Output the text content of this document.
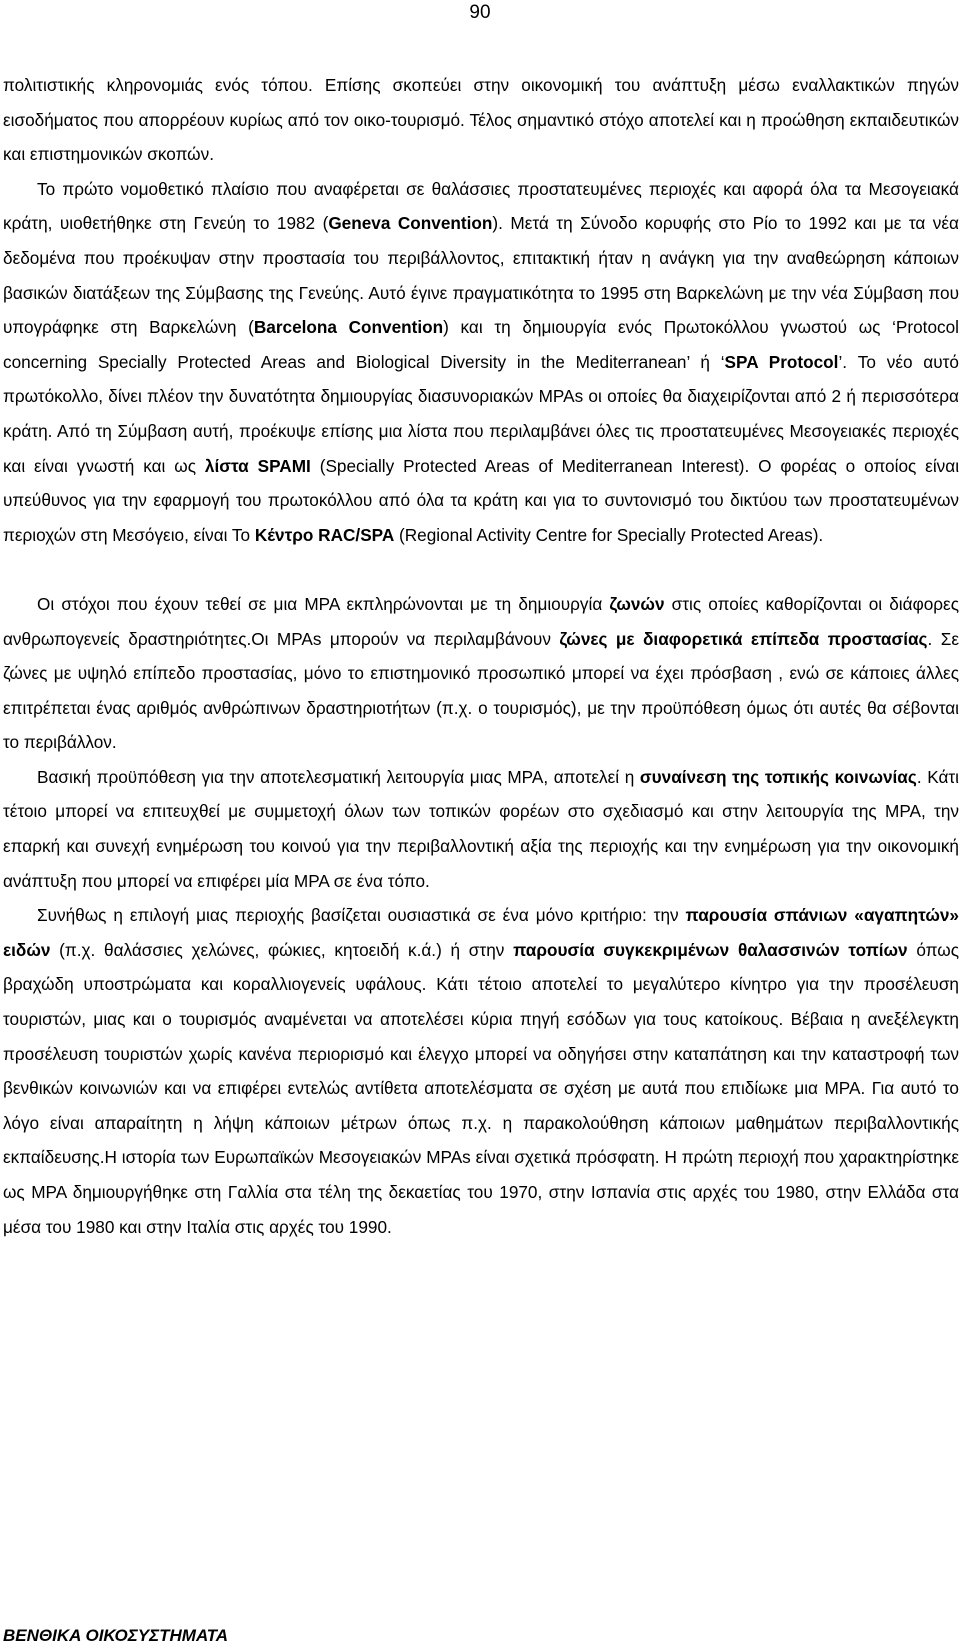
90

πολιτιστικής κληρονομιάς ενός τόπου. Επίσης σκοπεύει στην οικονομική του ανάπτυξη μέσω εναλλακτικών πηγών εισοδήματος που απορρέουν κυρίως από τον οικο-τουρισμό. Τέλος σημαντικό στόχο αποτελεί και η προώθηση εκπαιδευτικών και επιστημονικών σκοπών.

Το πρώτο νομοθετικό πλαίσιο που αναφέρεται σε θαλάσσιες προστατευμένες περιοχές και αφορά όλα τα Μεσογειακά κράτη, υιοθετήθηκε στη Γενεύη το 1982 (Geneva Convention). Μετά τη Σύνοδο κορυφής στο Ρίο το 1992 και με τα νέα δεδομένα που προέκυψαν στην προστασία του περιβάλλοντος, επιτακτική ήταν η ανάγκη για την αναθεώρηση κάποιων βασικών διατάξεων της Σύμβασης της Γενεύης. Αυτό έγινε πραγματικότητα το 1995 στη Βαρκελώνη με την νέα Σύμβαση που υπογράφηκε στη Βαρκελώνη (Barcelona Convention) και τη δημιουργία ενός Πρωτοκόλλου γνωστού ως ‘Protocol concerning Specially Protected Areas and Biological Diversity in the Mediterranean’ ή ‘SPA Protocol’. Το νέο αυτό πρωτόκολλο, δίνει πλέον την δυνατότητα δημιουργίας διασυνοριακών MPAs οι οποίες θα διαχειρίζονται από 2 ή περισσότερα κράτη. Από τη Σύμβαση αυτή, προέκυψε επίσης μια λίστα που περιλαμβάνει όλες τις προστατευμένες Μεσογειακές περιοχές και είναι γνωστή και ως λίστα SPAMI (Specially Protected Areas of Mediterranean Interest). Ο φορέας ο οποίος είναι υπεύθυνος για την εφαρμογή του πρωτοκόλλου από όλα τα κράτη και για το συντονισμό του δικτύου των προστατευμένων περιοχών στη Μεσόγειο, είναι Το Κέντρο RAC/SPA (Regional Activity Centre for Specially Protected Areas).

Οι στόχοι που έχουν τεθεί σε μια MPA εκπληρώνονται με τη δημιουργία ζωνών στις οποίες καθορίζονται οι διάφορες ανθρωπογενείς δραστηριότητες.Οι MPAs μπορούν να περιλαμβάνουν ζώνες με διαφορετικά επίπεδα προστασίας. Σε ζώνες με υψηλό επίπεδο προστασίας, μόνο το επιστημονικό προσωπικό μπορεί να έχει πρόσβαση , ενώ σε κάποιες άλλες επιτρέπεται ένας αριθμός ανθρώπινων δραστηριοτήτων (π.χ. ο τουρισμός), με την προϋπόθεση όμως ότι αυτές θα σέβονται το περιβάλλον.

Βασική προϋπόθεση για την αποτελεσματική λειτουργία μιας MPA, αποτελεί η συναίνεση της τοπικής κοινωνίας. Κάτι τέτοιο μπορεί να επιτευχθεί με συμμετοχή όλων των τοπικών φορέων στο σχεδιασμό και στην λειτουργία της MPA, την επαρκή και συνεχή ενημέρωση του κοινού για την περιβαλλοντική αξία της περιοχής και την ενημέρωση για την οικονομική ανάπτυξη που μπορεί να επιφέρει μία MPA σε ένα τόπο.

Συνήθως η επιλογή μιας περιοχής βασίζεται ουσιαστικά σε ένα μόνο κριτήριο: την παρουσία σπάνιων «αγαπητών» ειδών (π.χ. θαλάσσιες χελώνες, φώκιες, κητοειδή κ.ά.) ή στην παρουσία συγκεκριμένων θαλασσινών τοπίων όπως βραχώδη υποστρώματα και κοραλλιογενείς υφάλους. Κάτι τέτοιο αποτελεί το μεγαλύτερο κίνητρο για την προσέλευση τουριστών, μιας και ο τουρισμός αναμένεται να αποτελέσει κύρια πηγή εσόδων για τους κατοίκους. Βέβαια η ανεξέλεγκτη προσέλευση τουριστών χωρίς κανένα περιορισμό και έλεγχο μπορεί να οδηγήσει στην καταπάτηση και την καταστροφή των βενθικών κοινωνιών και να επιφέρει εντελώς αντίθετα αποτελέσματα σε σχέση με αυτά που επιδίωκε μια MPA. Για αυτό το λόγο είναι απαραίτητη η λήψη κάποιων μέτρων όπως π.χ. η παρακολούθηση κάποιων μαθημάτων περιβαλλοντικής εκπαίδευσης.Η ιστορία των Ευρωπαϊκών Μεσογειακών MPAs είναι σχετικά πρόσφατη. Η πρώτη περιοχή που χαρακτηρίστηκε ως MPA δημιουργήθηκε στη Γαλλία στα τέλη της δεκαετίας του 1970, στην Ισπανία στις αρχές του 1980, στην Ελλάδα στα μέσα του 1980 και στην Ιταλία στις αρχές του 1990.

ΒΕΝΘΙΚΑ ΟΙΚΟΣΥΣΤΗΜΑΤΑ
